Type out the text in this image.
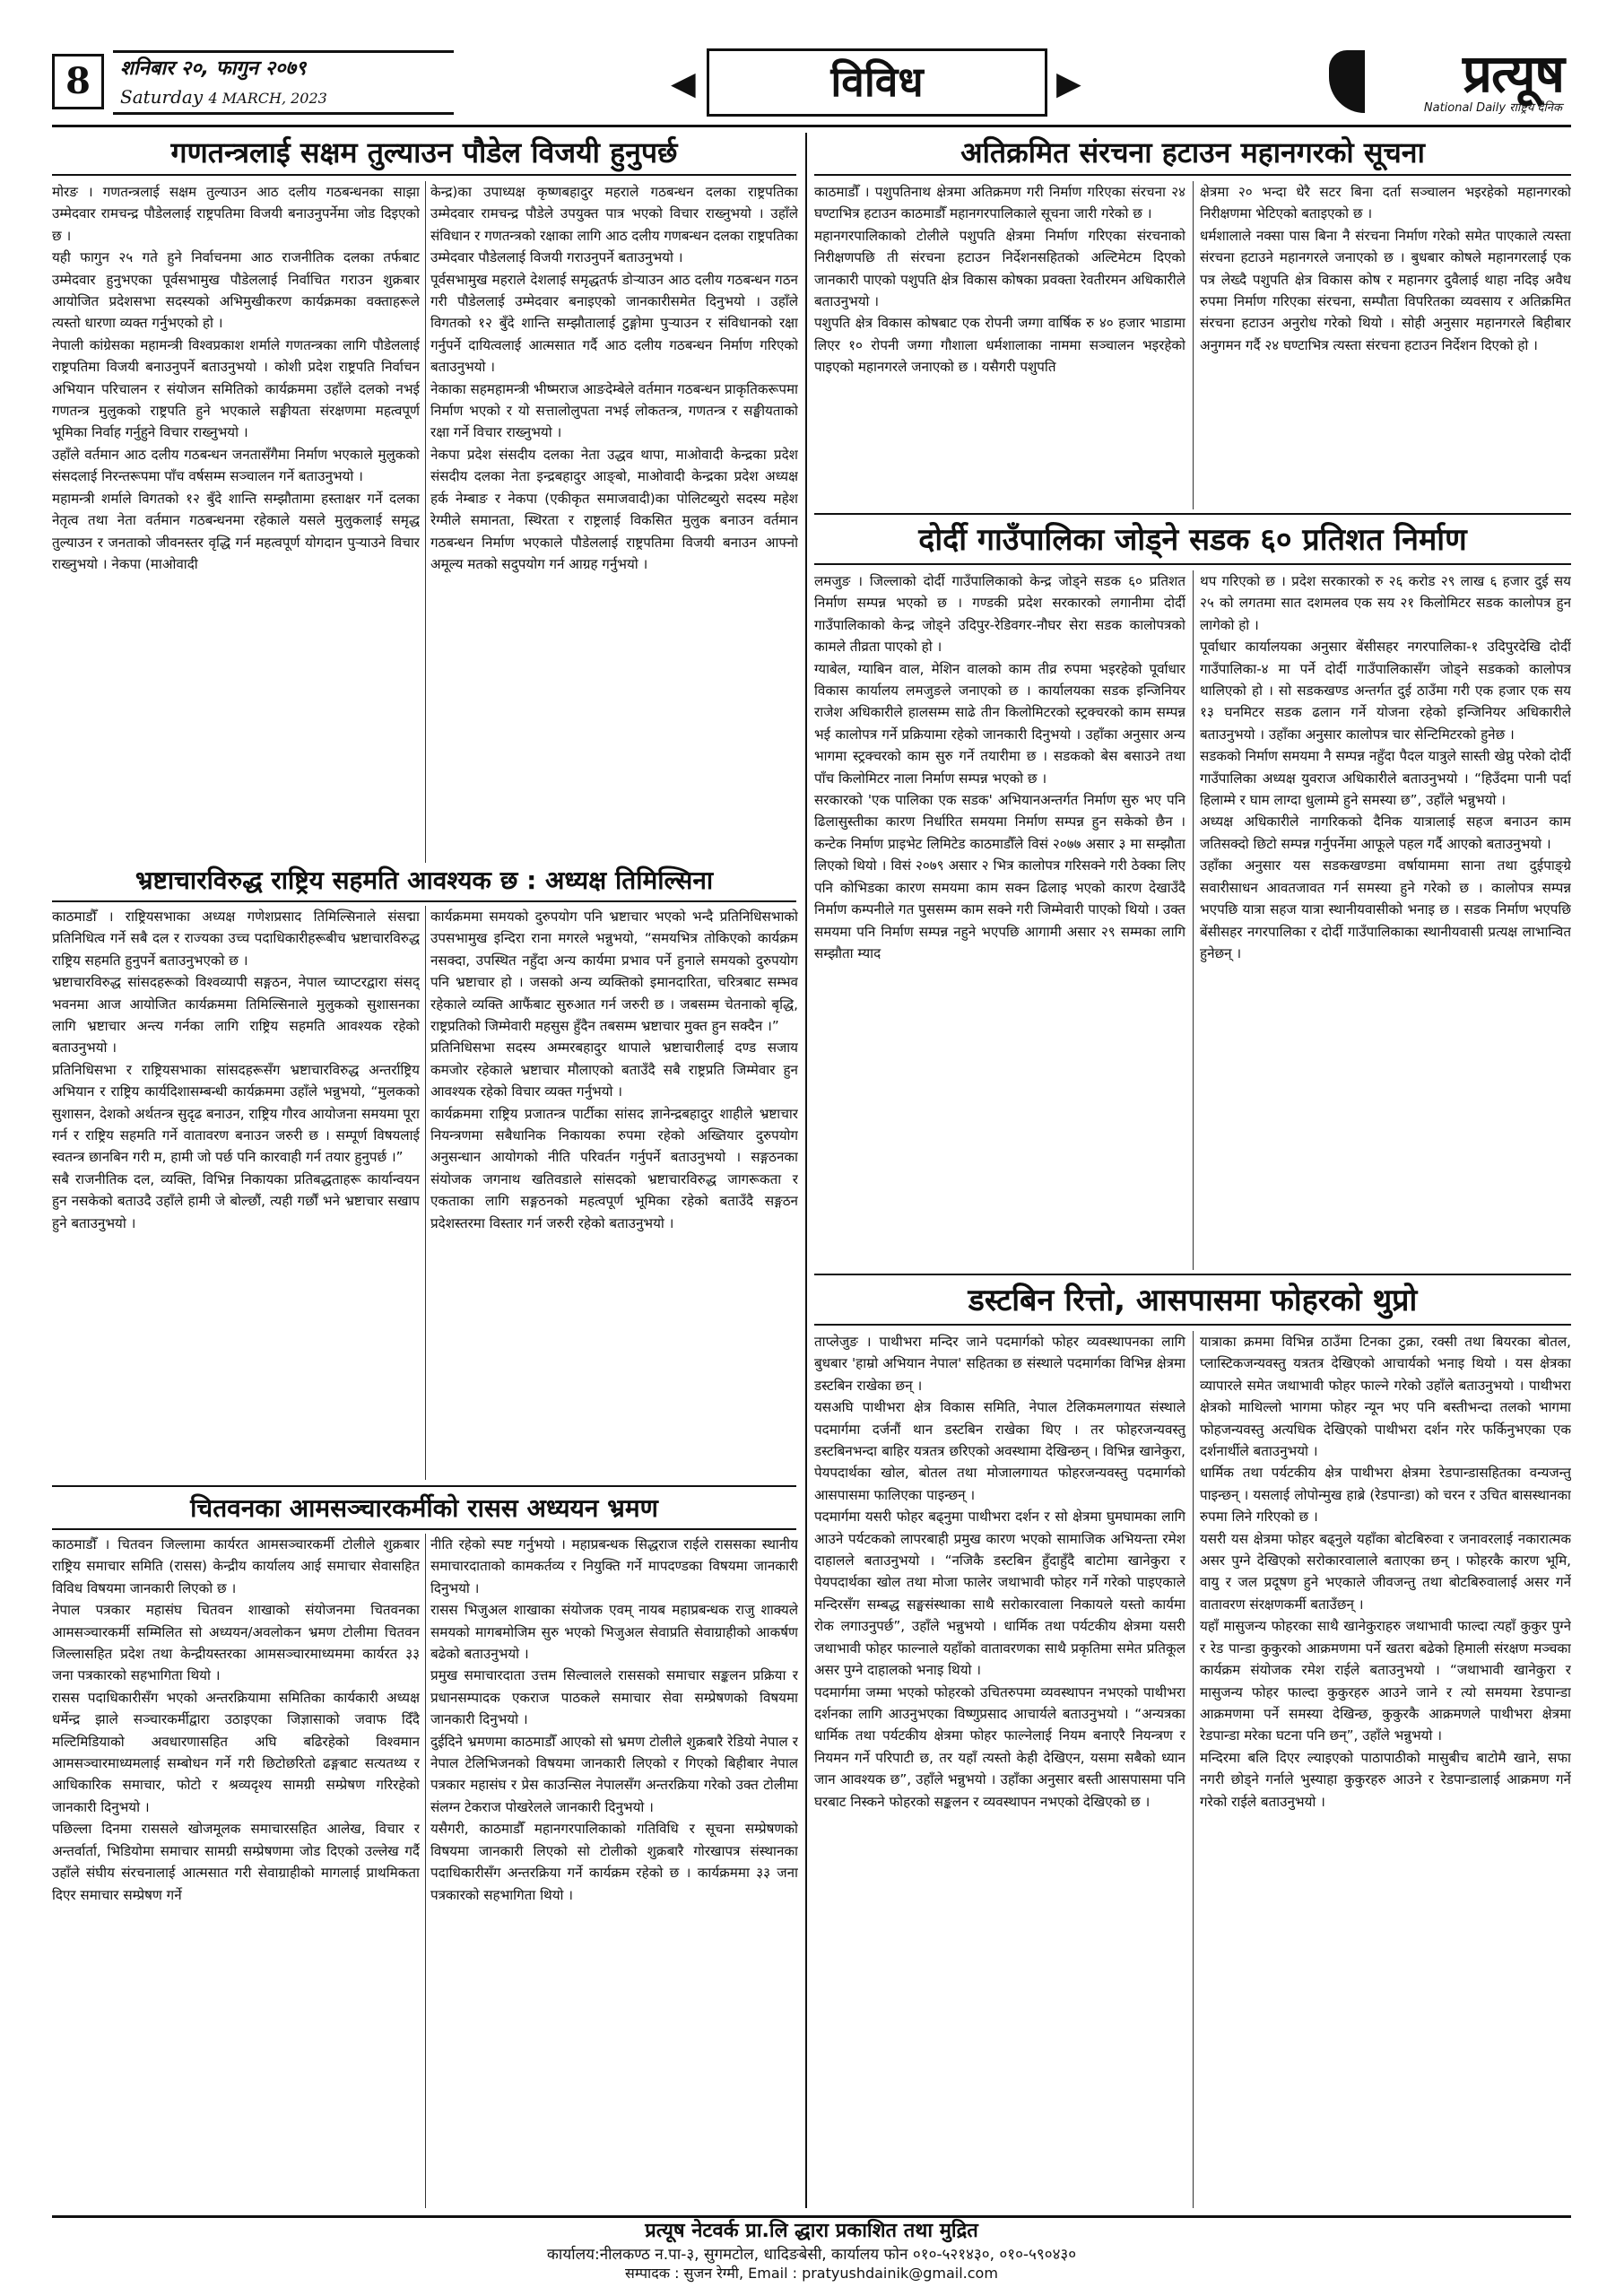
8	शनिबार २०, फागुन २०७९
Saturday 4 MARCH, 2023	◀	विविध	▶	प्रत्यूष
National Daily राष्ट्रिय दैनिक
गणतन्त्रलाई सक्षम तुल्याउन पौडेल विजयी हुनुपर्छ
मोरङ । गणतन्त्रलाई सक्षम तुल्याउन आठ दलीय गठबन्धनका साझा उम्मेदवार रामचन्द्र पौडेललाई राष्ट्रपतिमा विजयी बनाउनुपर्नेमा जोड दिइएको छ ।
यही फागुन २५ गते हुने निर्वाचनमा आठ राजनीतिक दलका तर्फबाट उम्मेदवार हुनुभएका पूर्वसभामुख पौडेललाई निर्वाचित गराउन शुक्रबार आयोजित प्रदेशसभा सदस्यको अभिमुखीकरण कार्यक्रमका वक्ताहरूले त्यस्तो धारणा व्यक्त गर्नुभएको हो ।
नेपाली कांग्रेसका महामन्त्री विश्वप्रकाश शर्माले गणतन्त्रका लागि पौडेललाई राष्ट्रपतिमा विजयी बनाउनुपर्ने बताउनुभयो । कोशी प्रदेश राष्ट्रपति निर्वाचन अभियान परिचालन र संयोजन समितिको कार्यक्रममा उहाँले दलको नभई गणतन्त्र मुलुकको राष्ट्रपति हुने भएकाले सङ्घीयता संरक्षणमा महत्वपूर्ण भूमिका निर्वाह गर्नुहुने विचार राख्नुभयो ।
उहाँले वर्तमान आठ दलीय गठबन्धन जनतासँगैमा निर्माण भएकाले मुलुकको संसदलाई निरन्तरूपमा पाँच वर्षसम्म सञ्चालन गर्ने बताउनुभयो ।
महामन्त्री शर्माले विगतको १२ बुँदे शान्ति सम्झौतामा हस्ताक्षर गर्ने दलका नेतृत्व तथा नेता वर्तमान गठबन्धनमा रहेकाले यसले मुलुकलाई समृद्ध तुल्याउन र जनताको जीवनस्तर वृद्धि गर्न महत्वपूर्ण योगदान पुऱ्याउने विचार राख्नुभयो । नेकपा (माओवादी
केन्द्र)का उपाध्यक्ष कृष्णबहादुर महराले गठबन्धन दलका राष्ट्रपतिका उम्मेदवार रामचन्द्र पौडेले उपयुक्त पात्र भएको विचार राख्नुभयो । उहाँले संविधान र गणतन्त्रको रक्षाका लागि आठ दलीय गणबन्धन दलका राष्ट्रपतिका उम्मेदवार पौडेललाई विजयी गराउनुपर्ने बताउनुभयो ।
पूर्वसभामुख महराले देशलाई समृद्धतर्फ डोऱ्याउन आठ दलीय गठबन्धन गठन गरी पौडेललाई उम्मेदवार बनाइएको जानकारीसमेत दिनुभयो । उहाँले विगतको १२ बुँदे शान्ति सम्झौतालाई टुङ्गोमा पुऱ्याउन र संविधानको रक्षा गर्नुपर्ने दायित्वलाई आत्मसात गर्दै आठ दलीय गठबन्धन निर्माण गरिएको बताउनुभयो ।
नेकाका सहमहामन्त्री भीष्मराज आङदेम्बेले वर्तमान गठबन्धन प्राकृतिकरूपमा निर्माण भएको र यो सत्तालोलुपता नभई लोकतन्त्र, गणतन्त्र र सङ्घीयताको रक्षा गर्ने विचार राख्नुभयो ।
नेकपा प्रदेश संसदीय दलका नेता उद्धव थापा, माओवादी केन्द्रका प्रदेश संसदीय दलका नेता इन्द्रबहादुर आङ्बो, माओवादी केन्द्रका प्रदेश अध्यक्ष हर्क नेम्बाङ र नेकपा (एकीकृत समाजवादी)का पोलिटब्युरो सदस्य महेश रेग्मीले समानता, स्थिरता र राष्ट्रलाई विकसित मुलुक बनाउन वर्तमान गठबन्धन निर्माण भएकाले पौडेललाई राष्ट्रपतिमा विजयी बनाउन आफ्नो अमूल्य मतको सदुपयोग गर्न आग्रह गर्नुभयो ।
भ्रष्टाचारविरुद्ध राष्ट्रिय सहमति आवश्यक छ : अध्यक्ष तिमिल्सिना
काठमाडौँ । राष्ट्रियसभाका अध्यक्ष गणेशप्रसाद तिमिल्सिनाले संसद्मा प्रतिनिधित्व गर्ने सबै दल र राज्यका उच्च पदाधिकारीहरूबीच भ्रष्टाचारविरुद्ध राष्ट्रिय सहमति हुनुपर्ने बताउनुभएको छ ।
भ्रष्टाचारविरुद्ध सांसदहरूको विश्वव्यापी सङ्गठन, नेपाल च्याप्टरद्वारा संसद् भवनमा आज आयोजित कार्यक्रममा तिमिल्सिनाले मुलुकको सुशासनका लागि भ्रष्टाचार अन्त्य गर्नका लागि राष्ट्रिय सहमति आवश्यक रहेको बताउनुभयो ।
प्रतिनिधिसभा र राष्ट्रियसभाका सांसदहरूसँग भ्रष्टाचारविरुद्ध अन्तर्राष्ट्रिय अभियान र राष्ट्रिय कार्यदिशासम्बन्धी कार्यक्रममा उहाँले भन्नुभयो, “मुलकको सुशासन, देशको अर्थतन्त्र सुदृढ बनाउन, राष्ट्रिय गौरव आयोजना समयमा पूरा गर्न र राष्ट्रिय सहमति गर्ने वातावरण बनाउन जरुरी छ । सम्पूर्ण विषयलाई स्वतन्त्र छानबिन गरी म, हामी जो पर्छ पनि कारवाही गर्न तयार हुनुपर्छ ।”
सबै राजनीतिक दल, व्यक्ति, विभिन्न निकायका प्रतिबद्धताहरू कार्यान्वयन हुन नसकेको बताउदै उहाँले हामी जे बोल्छौं, त्यही गर्छौं भने भ्रष्टाचार सखाप हुने बताउनुभयो ।
कार्यक्रममा समयको दुरुपयोग पनि भ्रष्टाचार भएको भन्दै प्रतिनिधिसभाको उपसभामुख इन्दिरा राना मगरले भन्नुभयो, “समयभित्र तोकिएको कार्यक्रम नसक्दा, उपस्थित नहुँदा अन्य कार्यमा प्रभाव पर्ने हुनाले समयको दुरुपयोग पनि भ्रष्टाचार हो । जसको अन्य व्यक्तिको इमानदारिता, चरित्रबाट सम्भव रहेकाले व्यक्ति आफैंबाट सुरुआत गर्न जरुरी छ । जबसम्म चेतनाको बृद्धि, राष्ट्रप्रतिको जिम्मेवारी महसुस हुँदैन तबसम्म भ्रष्टाचार मुक्त हुन सक्दैन ।”
प्रतिनिधिसभा सदस्य अम्मरबहादुर थापाले भ्रष्टाचारीलाई दण्ड सजाय कमजोर रहेकाले भ्रष्टाचार मौलाएको बताउँदै सबै राष्ट्रप्रति जिम्मेवार हुन आवश्यक रहेको विचार व्यक्त गर्नुभयो ।
कार्यक्रममा राष्ट्रिय प्रजातन्त्र पार्टीका सांसद ज्ञानेन्द्रबहादुर शाहीले भ्रष्टाचार नियन्त्रणमा सबैधानिक निकायका रुपमा रहेको अख्तियार दुरुपयोग अनुसन्धान आयोगको नीति परिवर्तन गर्नुपर्ने बताउनुभयो । सङ्गठनका संयोजक जगनाथ खतिवडाले सांसदको भ्रष्टाचारविरुद्ध जागरूकता र एकताका लागि सङ्गठनको महत्वपूर्ण भूमिका रहेको बताउँदै सङ्गठन प्रदेशस्तरमा विस्तार गर्न जरुरी रहेको बताउनुभयो ।
चितवनका आमसञ्चारकर्मीको रासस अध्ययन भ्रमण
काठमाडौँ । चितवन जिल्लामा कार्यरत आमसञ्चारकर्मी टोलीले शुक्रबार राष्ट्रिय समाचार समिति (रासस) केन्द्रीय कार्यालय आई समाचार सेवासहित विविध विषयमा जानकारी लिएको छ ।
नेपाल पत्रकार महासंघ चितवन शाखाको संयोजनमा चितवनका आमसञ्चारकर्मी सम्मिलित सो अध्ययन/अवलोकन भ्रमण टोलीमा चितवन जिल्लासहित प्रदेश तथा केन्द्रीयस्तरका आमसञ्चारमाध्यममा कार्यरत ३३ जना पत्रकारको सहभागिता थियो ।
रासस पदाधिकारीसँग भएको अन्तरक्रियामा समितिका कार्यकारी अध्यक्ष धर्मेन्द्र झाले सञ्चारकर्मीद्वारा उठाइएका जिज्ञासाको जवाफ दिँदै मल्टिमिडियाको अवधारणासहित अघि बढिरहेको विश्वमान आमसञ्चारमाध्यमलाई सम्बोधन गर्ने गरी छिटोछरितो ढङ्गबाट सत्यतथ्य र आधिकारिक समाचार, फोटो र श्रव्यदृश्य सामग्री सम्प्रेषण गरिरहेको जानकारी दिनुभयो ।
पछिल्ला दिनमा राससले खोजमूलक समाचारसहित आलेख, विचार र अन्तर्वार्ता, भिडियोमा समाचार सामग्री सम्प्रेषणमा जोड दिएको उल्लेख गर्दै उहाँले संघीय संरचनालाई आत्मसात गरी सेवाग्राहीको मागलाई प्राथमिकता दिएर समाचार सम्प्रेषण गर्ने
नीति रहेको स्पष्ट गर्नुभयो । महाप्रबन्धक सिद्धराज राईले राससका स्थानीय समाचारदाताको कामकर्तव्य र नियुक्ति गर्ने मापदण्डका विषयमा जानकारी दिनुभयो ।
रासस भिजुअल शाखाका संयोजक एवम् नायब महाप्रबन्धक राजु शाक्यले समयको मागबमोजिम सुरु भएको भिजुअल सेवाप्रति सेवाग्राहीको आकर्षण बढेको बताउनुभयो ।
प्रमुख समाचारदाता उत्तम सिल्वालले राससको समाचार सङ्कलन प्रक्रिया र प्रधानसम्पादक एकराज पाठकले समाचार सेवा सम्प्रेषणको विषयमा जानकारी दिनुभयो ।
दुईदिने भ्रमणमा काठमाडौँ आएको सो भ्रमण टोलीले शुक्रबारै रेडियो नेपाल र नेपाल टेलिभिजनको विषयमा जानकारी लिएको र गिएको बिहीबार नेपाल पत्रकार महासंघ र प्रेस काउन्सिल नेपालसँग अन्तरक्रिया गरेको उक्त टोलीमा संलग्न टेकराज पोखरेलले जानकारी दिनुभयो ।
यसैगरी, काठमाडौँ महानगरपालिकाको गतिविधि र सूचना सम्प्रेषणको विषयमा जानकारी लिएको सो टोलीको शुक्रबारै गोरखापत्र संस्थानका पदाधिकारीसँग अन्तरक्रिया गर्ने कार्यक्रम रहेको छ । कार्यक्रममा ३३ जना पत्रकारको सहभागिता थियो ।
अतिक्रमित संरचना हटाउन महानगरको सूचना
काठमाडौँ । पशुपतिनाथ क्षेत्रमा अतिक्रमण गरी निर्माण गरिएका संरचना २४ घण्टाभित्र हटाउन काठमाडौँ महानगरपालिकाले सूचना जारी गरेको छ ।
महानगरपालिकाको टोलीले पशुपति क्षेत्रमा निर्माण गरिएका संरचनाको निरीक्षणपछि ती संरचना हटाउन निर्देशनसहितको अल्टिमेटम दिएको जानकारी पाएको पशुपति क्षेत्र विकास कोषका प्रवक्ता रेवतीरमन अधिकारीले बताउनुभयो ।
पशुपति क्षेत्र विकास कोषबाट एक रोपनी जग्गा वार्षिक रु ४० हजार भाडामा लिएर १० रोपनी जग्गा गौशाला धर्मशालाका नाममा सञ्चालन भइरहेको पाइएको महानगरले जनाएको छ । यसैगरी पशुपति
क्षेत्रमा २० भन्दा धेरै सटर बिना दर्ता सञ्चालन भइरहेको महानगरको निरीक्षणमा भेटिएको बताइएको छ ।
धर्मशालाले नक्सा पास बिना नै संरचना निर्माण गरेको समेत पाएकाले त्यस्ता संरचना हटाउने महानगरले जनाएको छ । बुधबार कोषले महानगरलाई एक पत्र लेख्दै पशुपति क्षेत्र विकास कोष र महानगर दुवैलाई थाहा नदिइ अवैध रुपमा निर्माण गरिएका संरचना, सम्पौता विपरितका व्यवसाय र अतिक्रमित संरचना हटाउन अनुरोध गरेको थियो । सोही अनुसार महानगरले बिहीबार अनुगमन गर्दै २४ घण्टाभित्र त्यस्ता संरचना हटाउन निर्देशन दिएको हो ।
दोर्दी गाउँपालिका जोड्ने सडक ६० प्रतिशत निर्माण
लमजुङ । जिल्लाको दोर्दी गाउँपालिकाको केन्द्र जोड्ने सडक ६० प्रतिशत निर्माण सम्पन्न भएको छ । गण्डकी प्रदेश सरकारको लगानीमा दोर्दी गाउँपालिकाको केन्द्र जोड्ने उदिपुर-रेडिवगर-नौघर सेरा सडक कालोपत्रको कामले तीव्रता पाएको हो ।
ग्याबेल, ग्याबिन वाल, मेशिन वालको काम तीव्र रुपमा भइरहेको पूर्वाधार विकास कार्यालय लमजुङले जनाएको छ । कार्यालयका सडक इन्जिनियर राजेश अधिकारीले हालसम्म साढे तीन किलोमिटरको स्ट्रक्चरको काम सम्पन्न भई कालोपत्र गर्ने प्रक्रियामा रहेको जानकारी दिनुभयो । उहाँका अनुसार अन्य भागमा स्ट्रक्चरको काम सुरु गर्ने तयारीमा छ । सडकको बेस बसाउने तथा पाँच किलोमिटर नाला निर्माण सम्पन्न भएको छ ।
सरकारको 'एक पालिका एक सडक' अभियानअन्तर्गत निर्माण सुरु भए पनि ढिलासुस्तीका कारण निर्धारित समयमा निर्माण सम्पन्न हुन सकेको छैन । कन्टेक निर्माण प्राइभेट लिमिटेड काठमाडौँले विसं २०७७ असार ३ मा सम्झौता लिएको थियो । विसं २०७९ असार २ भित्र कालोपत्र गरिसक्ने गरी ठेक्का लिए पनि कोभिडका कारण समयमा काम सक्न ढिलाइ भएको कारण देखाउँदै निर्माण कम्पनीले गत पुससम्म काम सक्ने गरी जिम्मेवारी पाएको थियो । उक्त समयमा पनि निर्माण सम्पन्न नहुने भएपछि आगामी असार २९ सम्मका लागि सम्झौता म्याद
थप गरिएको छ । प्रदेश सरकारको रु २६ करोड २९ लाख ६ हजार दुई सय २५ को लगतमा सात दशमलव एक सय २१ किलोमिटर सडक कालोपत्र हुन लागेको हो ।
पूर्वाधार कार्यालयका अनुसार बेंसीसहर नगरपालिका-१ उदिपुरदेखि दोर्दी गाउँपालिका-४ मा पर्ने दोर्दी गाउँपालिकासँग जोड्ने सडकको कालोपत्र थालिएको हो । सो सडकखण्ड अन्तर्गत दुई ठाउँमा गरी एक हजार एक सय १३ घनमिटर सडक ढलान गर्ने योजना रहेको इन्जिनियर अधिकारीले बताउनुभयो । उहाँका अनुसार कालोपत्र चार सेन्टिमिटरको हुनेछ ।
सडकको निर्माण समयमा नै सम्पन्न नहुँदा पैदल यात्रुले सास्ती खेप्नु परेको दोर्दी गाउँपालिका अध्यक्ष युवराज अधिकारीले बताउनुभयो । “हिउँदमा पानी पर्दा हिलाम्मे र घाम लाग्दा धुलाम्मे हुने समस्या छ”, उहाँले भन्नुभयो ।
अध्यक्ष अधिकारीले नागरिकको दैनिक यात्रालाई सहज बनाउन काम जतिसक्दो छिटो सम्पन्न गर्नुपर्नेमा आफूले पहल गर्दै आएको बताउनुभयो ।
उहाँका अनुसार यस सडकखण्डमा वर्षायाममा साना तथा दुईपाङ्ग्रे सवारीसाधन आवतजावत गर्न समस्या हुने गरेको छ । कालोपत्र सम्पन्न भएपछि यात्रा सहज यात्रा स्थानीयवासीको भनाइ छ । सडक निर्माण भएपछि बेंसीसहर नगरपालिका र दोर्दी गाउँपालिकाका स्थानीयवासी प्रत्यक्ष लाभान्वित हुनेछन् ।
डस्टबिन रित्तो, आसपासमा फोहरको थुप्रो
ताप्लेजुङ । पाथीभरा मन्दिर जाने पदमार्गको फोहर व्यवस्थापनका लागि बुधबार 'हाम्रो अभियान नेपाल' सहितका छ संस्थाले पदमार्गका विभिन्न क्षेत्रमा डस्टबिन राखेका छन् ।
यसअघि पाथीभरा क्षेत्र विकास समिति, नेपाल टेलिकमलगायत संस्थाले पदमार्गमा दर्जनौं थान डस्टबिन राखेका थिए । तर फोहरजन्यवस्तु डस्टबिनभन्दा बाहिर यत्रतत्र छरिएको अवस्थामा देखिन्छन् । विभिन्न खानेकुरा, पेयपदार्थका खोल, बोतल तथा मोजालगायत फोहरजन्यवस्तु पदमार्गको आसपासमा फालिएका पाइन्छन् ।
पदमार्गमा यसरी फोहर बढ्नुमा पाथीभरा दर्शन र सो क्षेत्रमा घुमघामका लागि आउने पर्यटकको लापरबाही प्रमुख कारण भएको सामाजिक अभियन्ता रमेश दाहालले बताउनुभयो । “नजिकै डस्टबिन हुँदाहुँदै बाटोमा खानेकुरा र पेयपदार्थका खोल तथा मोजा फालेर जथाभावी फोहर गर्ने गरेको पाइएकाले मन्दिरसँग सम्बद्ध सङ्घसंस्थाका साथै सरोकारवाला निकायले यस्तो कार्यमा रोक लगाउनुपर्छ”, उहाँले भन्नुभयो । धार्मिक तथा पर्यटकीय क्षेत्रमा यसरी जथाभावी फोहर फाल्नाले यहाँको वातावरणका साथै प्रकृतिमा समेत प्रतिकूल असर पुग्ने दाहालको भनाइ थियो ।
पदमार्गमा जम्मा भएको फोहरको उचितरुपमा व्यवस्थापन नभएको पाथीभरा दर्शनका लागि आउनुभएका विष्णुप्रसाद आचार्यले बताउनुभयो । “अन्यत्रका धार्मिक तथा पर्यटकीय क्षेत्रमा फोहर फाल्नेलाई नियम बनाएरै नियन्त्रण र नियमन गर्ने परिपाटी छ, तर यहाँ त्यस्तो केही देखिएन, यसमा सबैको ध्यान जान आवश्यक छ”, उहाँले भन्नुभयो । उहाँका अनुसार बस्ती आसपासमा पनि घरबाट निस्कने फोहरको सङ्कलन र व्यवस्थापन नभएको देखिएको छ ।
यात्राका क्रममा विभिन्न ठाउँमा टिनका टुक्रा, रक्सी तथा बियरका बोतल, प्लास्टिकजन्यवस्तु यत्रतत्र देखिएको आचार्यको भनाइ थियो । यस क्षेत्रका व्यापारले समेत जथाभावी फोहर फाल्ने गरेको उहाँले बताउनुभयो । पाथीभरा क्षेत्रको माथिल्लो भागमा फोहर न्यून भए पनि बस्तीभन्दा तलको भागमा फोहजन्यवस्तु अत्यधिक देखिएको पाथीभरा दर्शन गरेर फर्किनुभएका एक दर्शनार्थीले बताउनुभयो ।
धार्मिक तथा पर्यटकीय क्षेत्र पाथीभरा क्षेत्रमा रेडपान्डासहितका वन्यजन्तु पाइन्छन् । यसलाई लोपोन्मुख हाब्रे (रेडपान्डा) को चरन र उचित बासस्थानका रुपमा लिने गरिएको छ ।
यसरी यस क्षेत्रमा फोहर बढ्नुले यहाँका बोटबिरुवा र जनावरलाई नकारात्मक असर पुग्ने देखिएको सरोकारवालाले बताएका छन् । फोहरकै कारण भूमि, वायु र जल प्रदूषण हुने भएकाले जीवजन्तु तथा बोटबिरुवालाई असर गर्ने वातावरण संरक्षणकर्मी बताउँछन् ।
यहाँ मासुजन्य फोहरका साथै खानेकुराहरु जथाभावी फाल्दा त्यहाँ कुकुर पुग्ने र रेड पान्डा कुकुरको आक्रमणमा पर्ने खतरा बढेको हिमाली संरक्षण मञ्चका कार्यक्रम संयोजक रमेश राईले बताउनुभयो । “जथाभावी खानेकुरा र मासुजन्य फोहर फाल्दा कुकुरहरु आउने जाने र त्यो समयमा रेडपान्डा आक्रमणमा पर्ने समस्या देखिन्छ, कुकुरकै आक्रमणले पाथीभरा क्षेत्रमा रेडपान्डा मरेका घटना पनि छन्”, उहाँले भन्नुभयो ।
मन्दिरमा बलि दिएर ल्याइएको पाठापाठीको मासुबीच बाटोमै खाने, सफा नगरी छोड्ने गर्नाले भुस्याहा कुकुरहरु आउने र रेडपान्डालाई आक्रमण गर्ने गरेको राईले बताउनुभयो ।
प्रत्यूष नेटवर्क प्रा.लि द्धारा प्रकाशित तथा मुद्रित
कार्यालय:नीलकण्ठ न.पा-३, सुगमटोल, धादिङबेसी, कार्यालय फोन ०१०-५२१४३०, ०१०-५९०४३०
सम्पादक : सुजन रेग्मी, Email : pratyushdainik@gmail.com
